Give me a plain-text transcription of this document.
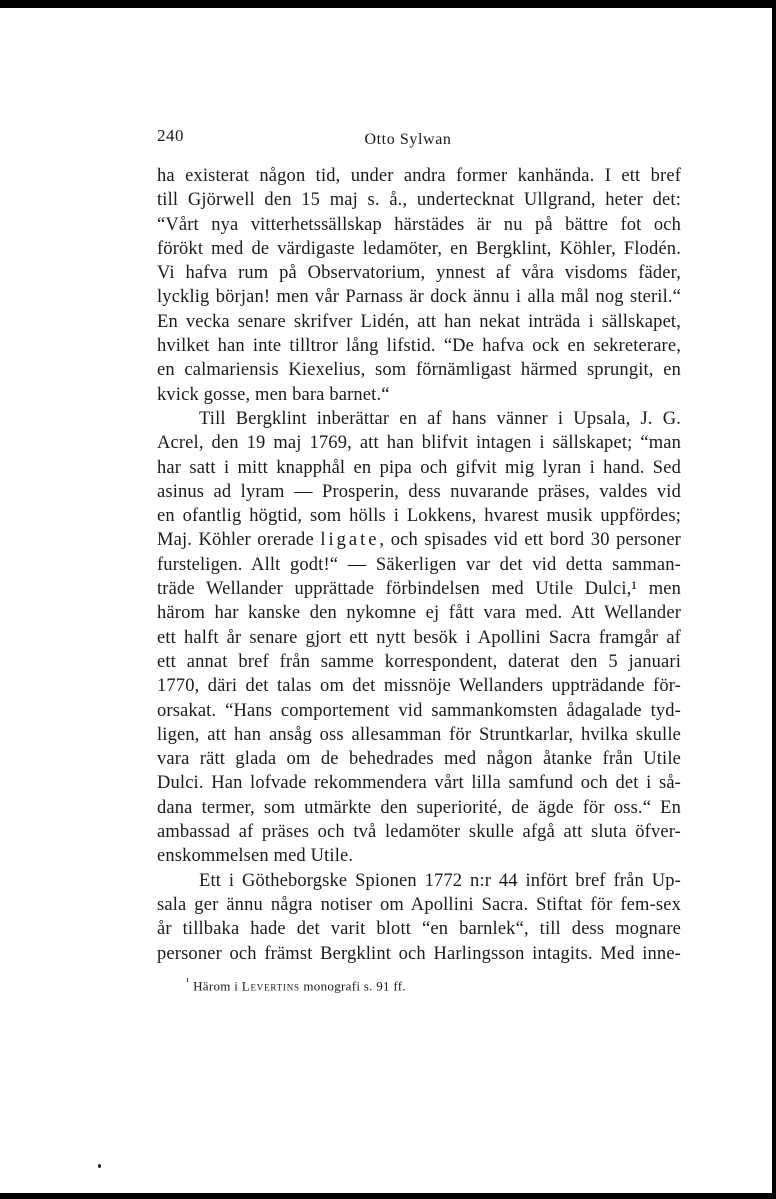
240	Otto Sylwan
ha existerat någon tid, under andra former kanhända. I ett bref
till Gjörwell den 15 maj s. å., undertecknat Ullgrand, heter det:
“Vårt nya vitterhetssällskap härstädes är nu på bättre fot och
förökt med de värdigaste ledamöter, en Bergklint, Köhler, Flodén.
Vi hafva rum på Observatorium, ynnest af våra visdoms fäder,
lycklig början! men vår Parnass är dock ännu i alla mål nog steril.“
En vecka senare skrifver Lidén, att han nekat inträda i sällskapet,
hvilket han inte tilltror lång lifstid. “De hafva ock en sekreterare,
en calmariensis Kiexelius, som förnämligast härmed sprungit, en
kvick gosse, men bara barnet.“
Till Bergklint inberättar en af hans vänner i Upsala, J. G.
Acrel, den 19 maj 1769, att han blifvit intagen i sällskapet; “man
har satt i mitt knapphål en pipa och gifvit mig lyran i hand. Sed
asinus ad lyram — Prosperin, dess nuvarande präses, valdes vid
en ofantlig högtid, som hölls i Lokkens, hvarest musik uppfördes;
Maj. Köhler orerade ligate, och spisades vid ett bord 30 personer
fursteligen. Allt godt!“ — Säkerligen var det vid detta samman-
träde Wellander upprättade förbindelsen med Utile Dulci,¹ men
härom har kanske den nykomne ej fått vara med. Att Wellander
ett halft år senare gjort ett nytt besök i Apollini Sacra framgår af
ett annat bref från samme korrespondent, daterat den 5 januari
1770, däri det talas om det missnöje Wellanders uppträdande för-
orsakat. “Hans comportement vid sammankomsten ådagalade tyd-
ligen, att han ansåg oss allesamman för Struntkarlar, hvilka skulle
vara rätt glada om de behedrades med någon åtanke från Utile
Dulci. Han lofvade rekommendera vårt lilla samfund och det i så-
dana termer, som utmärkte den superiorité, de ägde för oss.“ En
ambassad af präses och två ledamöter skulle afgå att sluta öfver-
enskommelsen med Utile.
Ett i Götheborgske Spionen 1772 n:r 44 infört bref från Up-
sala ger ännu några notiser om Apollini Sacra. Stiftat för fem-sex
år tillbaka hade det varit blott “en barnlek“, till dess mognare
personer och främst Bergklint och Harlingsson intagits. Med inne-
$^{^1}$ Härom i Levertins monografi s. 91 ff.
